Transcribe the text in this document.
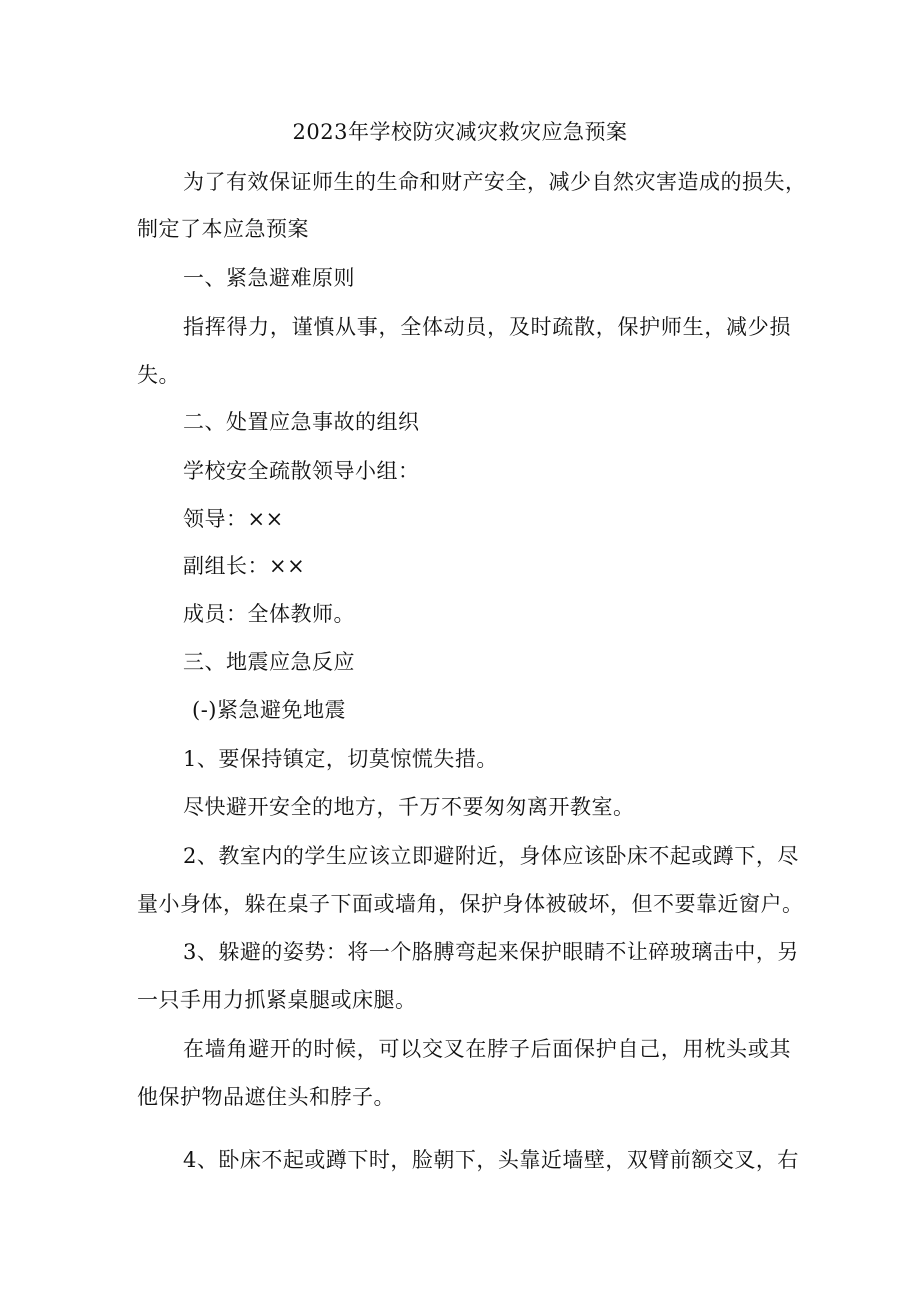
2023年学校防灾减灾救灾应急预案
为了有效保证师生的生命和财产安全，减少自然灾害造成的损失，
制定了本应急预案
一、紧急避难原则
指挥得力，谨慎从事，全体动员，及时疏散，保护师生，减少损
失。
二、处置应急事故的组织
学校安全疏散领导小组：
领导：××
副组长：××
成员：全体教师。
三、地震应急反应
(-)紧急避免地震
1、要保持镇定，切莫惊慌失措。
尽快避开安全的地方，千万不要匆匆离开教室。
2、教室内的学生应该立即避附近，身体应该卧床不起或蹲下，尽
量小身体，躲在桌子下面或墙角，保护身体被破坏，但不要靠近窗户。
3、躲避的姿势：将一个胳膊弯起来保护眼睛不让碎玻璃击中，另
一只手用力抓紧桌腿或床腿。
在墙角避开的时候，可以交叉在脖子后面保护自己，用枕头或其
他保护物品遮住头和脖子。
4、卧床不起或蹲下时，脸朝下，头靠近墙壁，双臂前额交叉，右
